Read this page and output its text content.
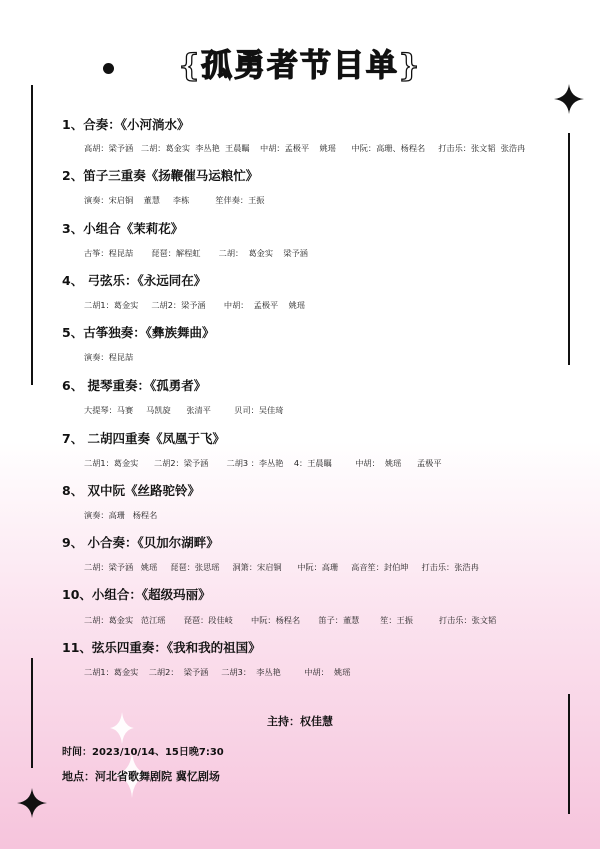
{孤勇者节目单}
1、合奏：《小河淌水》
高胡：梁予涵   二胡：葛金实  李丛艳  王晨瞩    中胡：孟极平    姚瑶      中阮：高珊、杨程名     打击乐：张文韬  张浩冉
2、笛子三重奏《扬鞭催马运粮忙》
演奏：宋启铜    董慧     李栋          笙伴奏：王振
3、小组合《茉莉花》
古筝：程昆喆       琵琶：解程虹       二胡：  葛金实    梁予涵
4、 弓弦乐：《永远同在》
二胡1：葛金实     二胡2：梁予涵       中胡：  孟极平    姚瑶
5、古筝独奏：《彝族舞曲》
演奏：程昆喆
6、 提琴重奏：《孤勇者》
大提琴：马赛     马凯旋      张清平         贝司：吴佳琦
7、 二胡四重奏《凤凰于飞》
二胡1：葛金实      二胡2：梁予涵       二胡3 ：李丛艳    4：王晨瞩         中胡：  姚瑶      孟极平
8、 双中阮《丝路驼铃》
演奏：高珊   杨程名
9、 小合奏：《贝加尔湖畔》
二胡：梁予涵   姚瑶     琵琶：张思瑶     洞箫：宋启铜      中阮：高珊     高音笙：封伯坤     打击乐：张浩冉
10、小组合：《超级玛丽》
二胡：葛金实   范江瑶       琵琶：段佳岐       中阮：杨程名       笛子：董慧        笙：王振          打击乐：张文韬
11、弦乐四重奏：《我和我的祖国》
二胡1：葛金实    二胡2：  梁予涵     二胡3：  李丛艳         中胡：  姚瑶
主持：权佳慧
时间：2023/10/14、15日晚7:30
地点：河北省歌舞剧院 冀忆剧场
